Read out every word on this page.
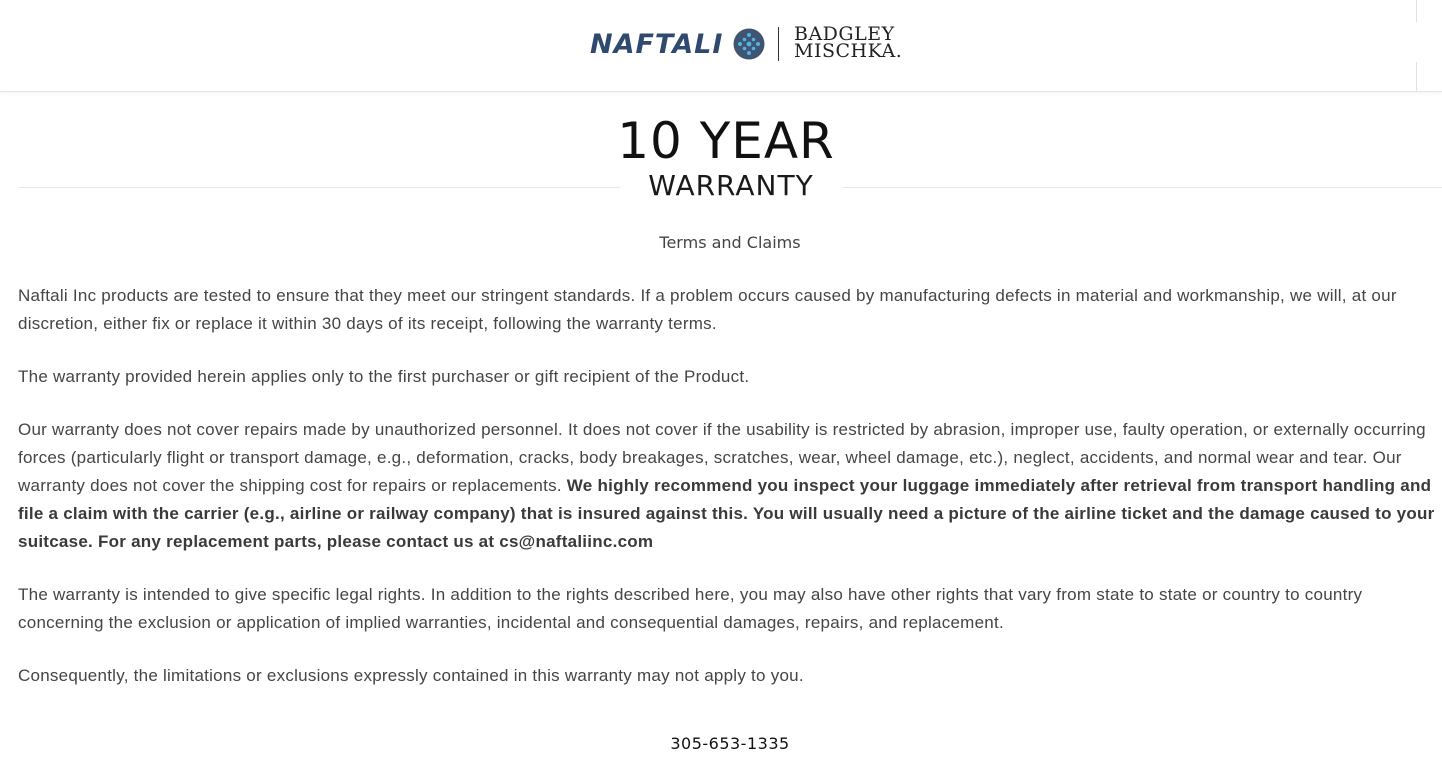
NAFTALI	BADGLEY
MISCHKA.
10 YEAR
WARRANTY
Terms and Claims

Naftali Inc products are tested to ensure that they meet our stringent standards. If a problem occurs caused by manufacturing defects in material and workmanship, we will, at our discretion, either fix or replace it within 30 days of its receipt, following the warranty terms.

The warranty provided herein applies only to the first purchaser or gift recipient of the Product.

Our warranty does not cover repairs made by unauthorized personnel. It does not cover if the usability is restricted by abrasion, improper use, faulty operation, or externally occurring forces (particularly flight or transport damage, e.g., deformation, cracks, body breakages, scratches, wear, wheel damage, etc.), neglect, accidents, and normal wear and tear. Our warranty does not cover the shipping cost for repairs or replacements. We highly recommend you inspect your luggage immediately after retrieval from transport handling and file a claim with the carrier (e.g., airline or railway company) that is insured against this. You will usually need a picture of the airline ticket and the damage caused to your suitcase. For any replacement parts, please contact us at cs@naftaliinc.com

The warranty is intended to give specific legal rights. In addition to the rights described here, you may also have other rights that vary from state to state or country to country concerning the exclusion or application of implied warranties, incidental and consequential damages, repairs, and replacement.

Consequently, the limitations or exclusions expressly contained in this warranty may not apply to you.

305-653-1335
